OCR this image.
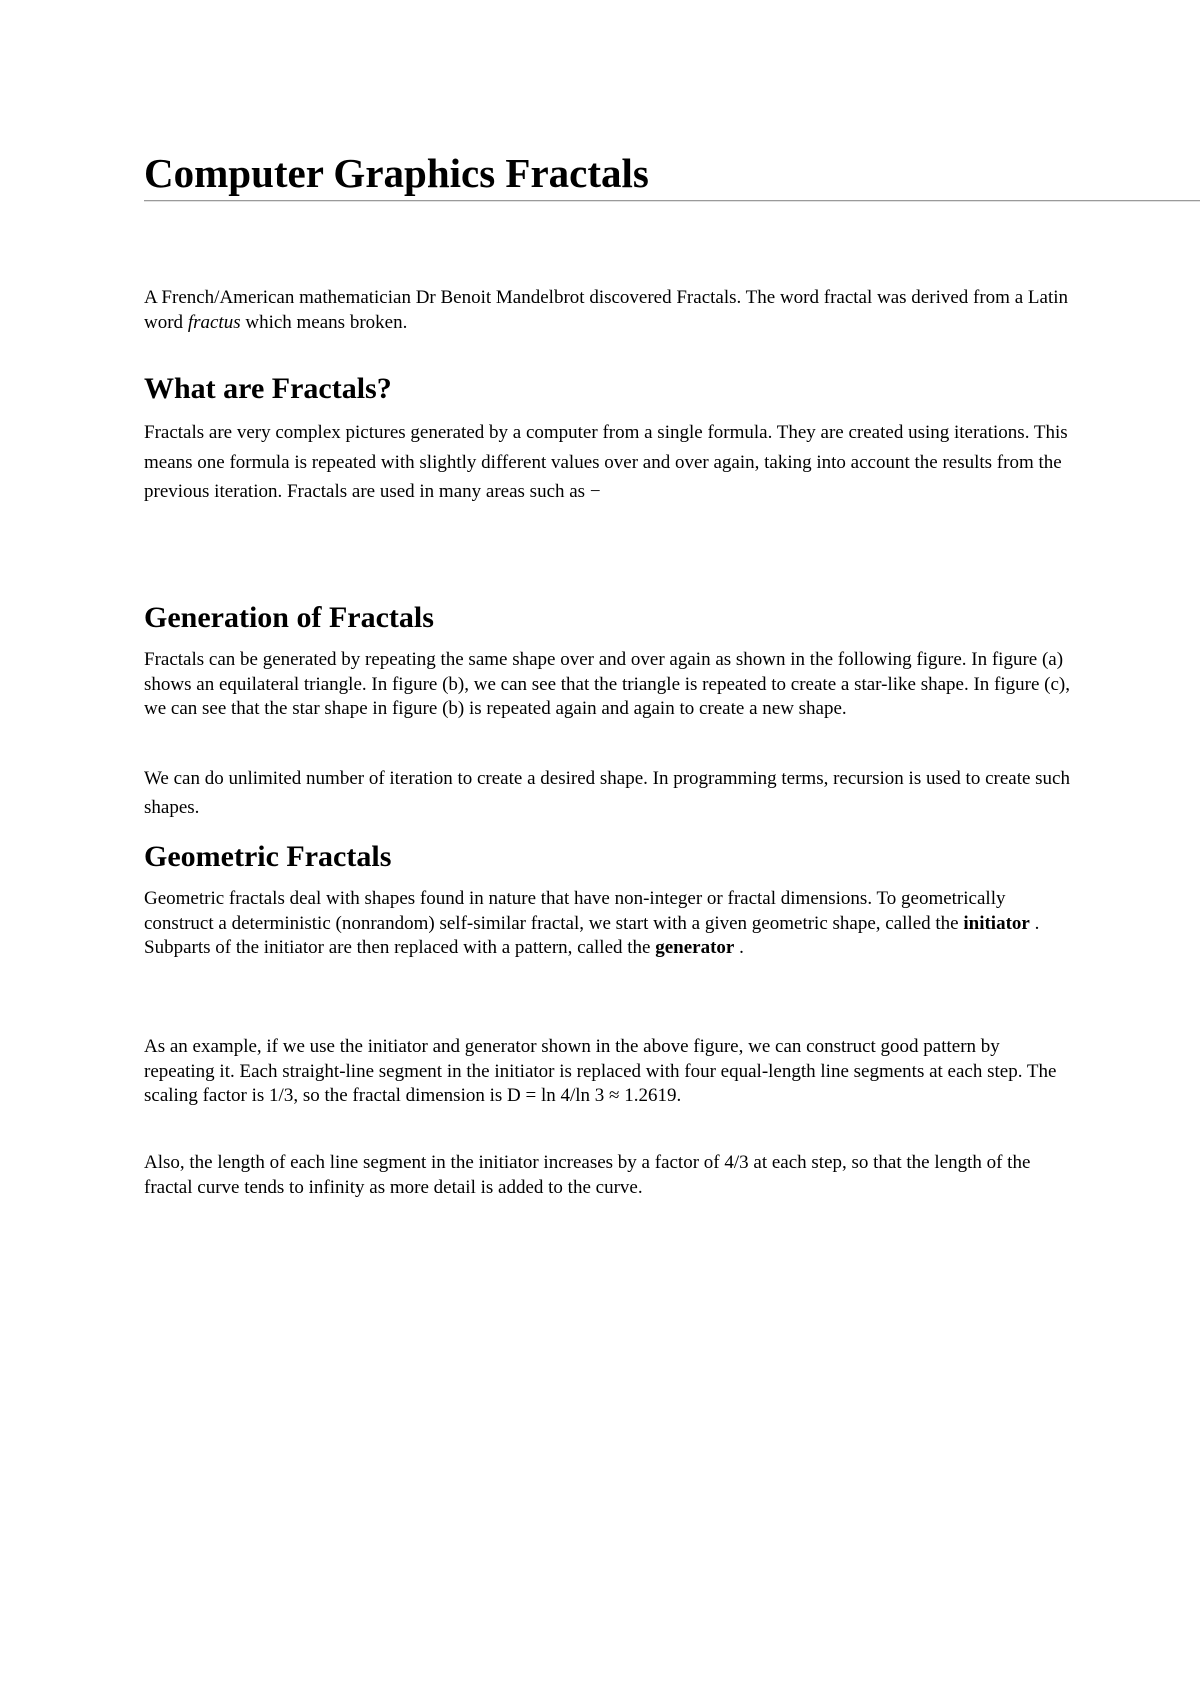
Computer Graphics Fractals

A French/American mathematician Dr Benoit Mandelbrot discovered Fractals. The word fractal was derived from a Latin word fractus which means broken.

What are Fractals?

Fractals are very complex pictures generated by a computer from a single formula. They are created using iterations. This means one formula is repeated with slightly different values over and over again, taking into account the results from the previous iteration. Fractals are used in many areas such as −

Generation of Fractals

Fractals can be generated by repeating the same shape over and over again as shown in the following figure. In figure (a) shows an equilateral triangle. In figure (b), we can see that the triangle is repeated to create a star-like shape. In figure (c), we can see that the star shape in figure (b) is repeated again and again to create a new shape.

We can do unlimited number of iteration to create a desired shape. In programming terms, recursion is used to create such shapes.

Geometric Fractals

Geometric fractals deal with shapes found in nature that have non-integer or fractal dimensions. To geometrically construct a deterministic (nonrandom) self-similar fractal, we start with a given geometric shape, called the initiator . Subparts of the initiator are then replaced with a pattern, called the generator .

As an example, if we use the initiator and generator shown in the above figure, we can construct good pattern by repeating it. Each straight-line segment in the initiator is replaced with four equal-length line segments at each step. The scaling factor is 1/3, so the fractal dimension is D = ln 4/ln 3 ≈ 1.2619.

Also, the length of each line segment in the initiator increases by a factor of 4/3 at each step, so that the length of the fractal curve tends to infinity as more detail is added to the curve.
